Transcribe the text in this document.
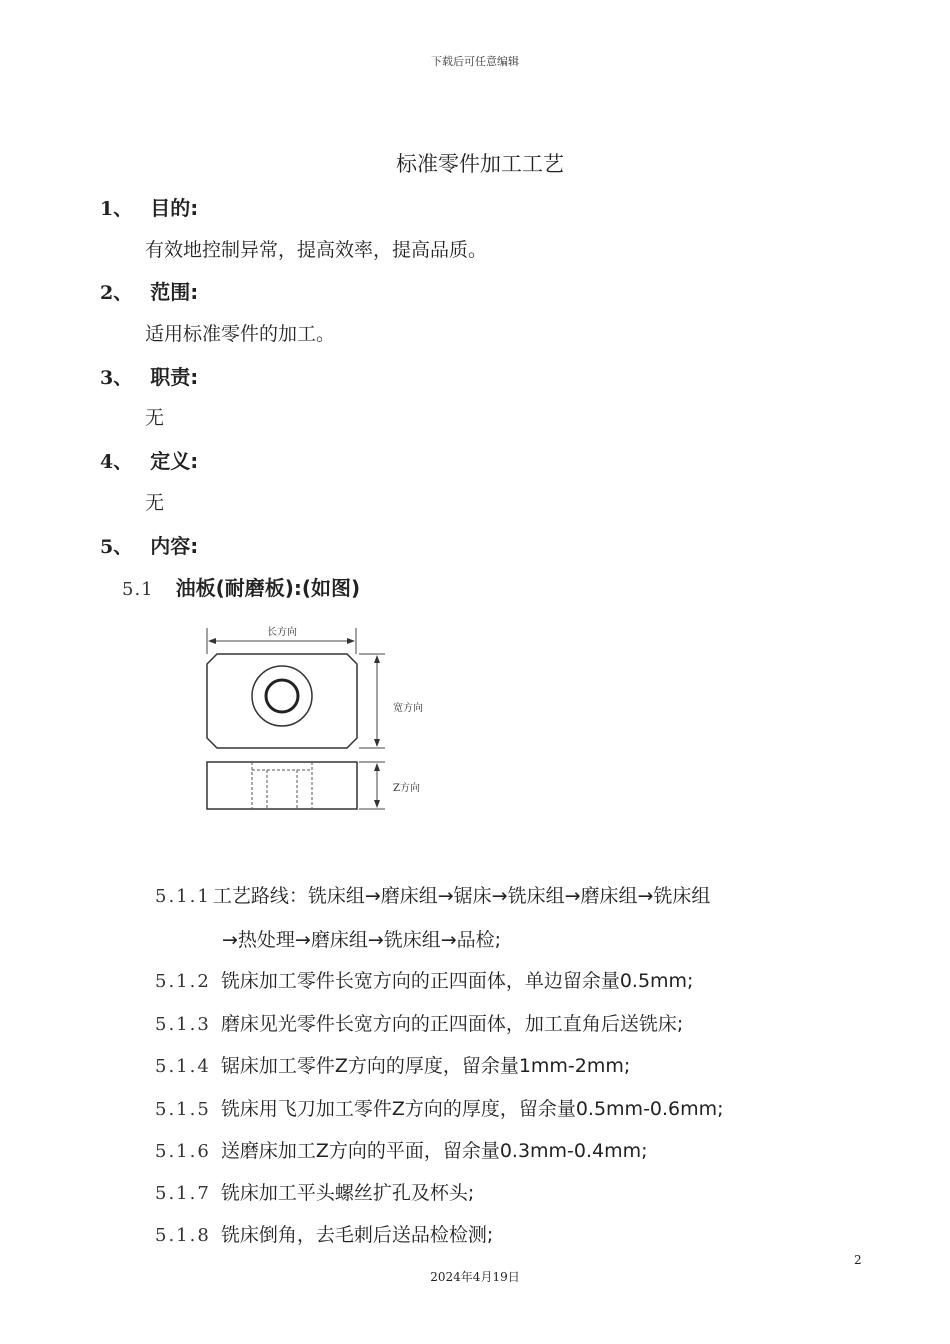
下载后可任意编辑
标准零件加工工艺
1、 目的:
有效地控制异常，提高效率，提高品质。
2、 范围:
适用标准零件的加工。
3、 职责:
无
4、 定义:
无
5、 内容:
5.1 油板(耐磨板):(如图)
长方向
宽方向
Z方向
5.1.1 工艺路线：铣床组→磨床组→锯床→铣床组→磨床组→铣床组
→热处理→磨床组→铣床组→品检;
5.1.2 铣床加工零件长宽方向的正四面体，单边留余量0.5mm;
5.1.3 磨床见光零件长宽方向的正四面体，加工直角后送铣床;
5.1.4 锯床加工零件Z方向的厚度，留余量1mm-2mm;
5.1.5 铣床用飞刀加工零件Z方向的厚度，留余量0.5mm-0.6mm;
5.1.6 送磨床加工Z方向的平面，留余量0.3mm-0.4mm;
5.1.7 铣床加工平头螺丝扩孔及杯头;
5.1.8 铣床倒角，去毛刺后送品检检测;
2
2024年4月19日
